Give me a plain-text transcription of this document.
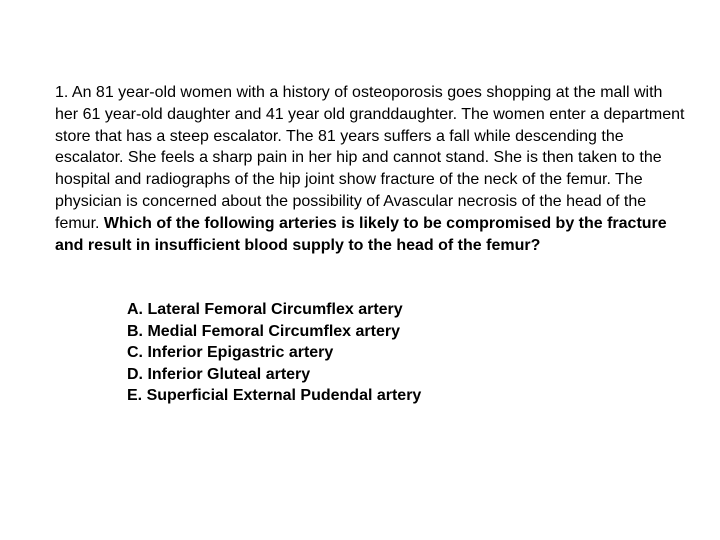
1. An 81 year-old women with a history of osteoporosis goes shopping at the mall with her 61 year-old daughter and 41 year old granddaughter. The women enter a department store that has a steep escalator. The 81 years suffers a fall while descending the escalator. She feels a sharp pain in her hip and cannot stand. She is then taken to the hospital and radiographs of the hip joint show fracture of the neck of the femur. The physician is concerned about the possibility of Avascular necrosis of the head of the femur. Which of the following arteries is likely to be compromised by the fracture and result in insufficient blood supply to the head of the femur?

A. Lateral Femoral Circumflex artery
B. Medial Femoral Circumflex artery
C. Inferior Epigastric artery
D. Inferior Gluteal artery
E. Superficial External Pudendal artery
